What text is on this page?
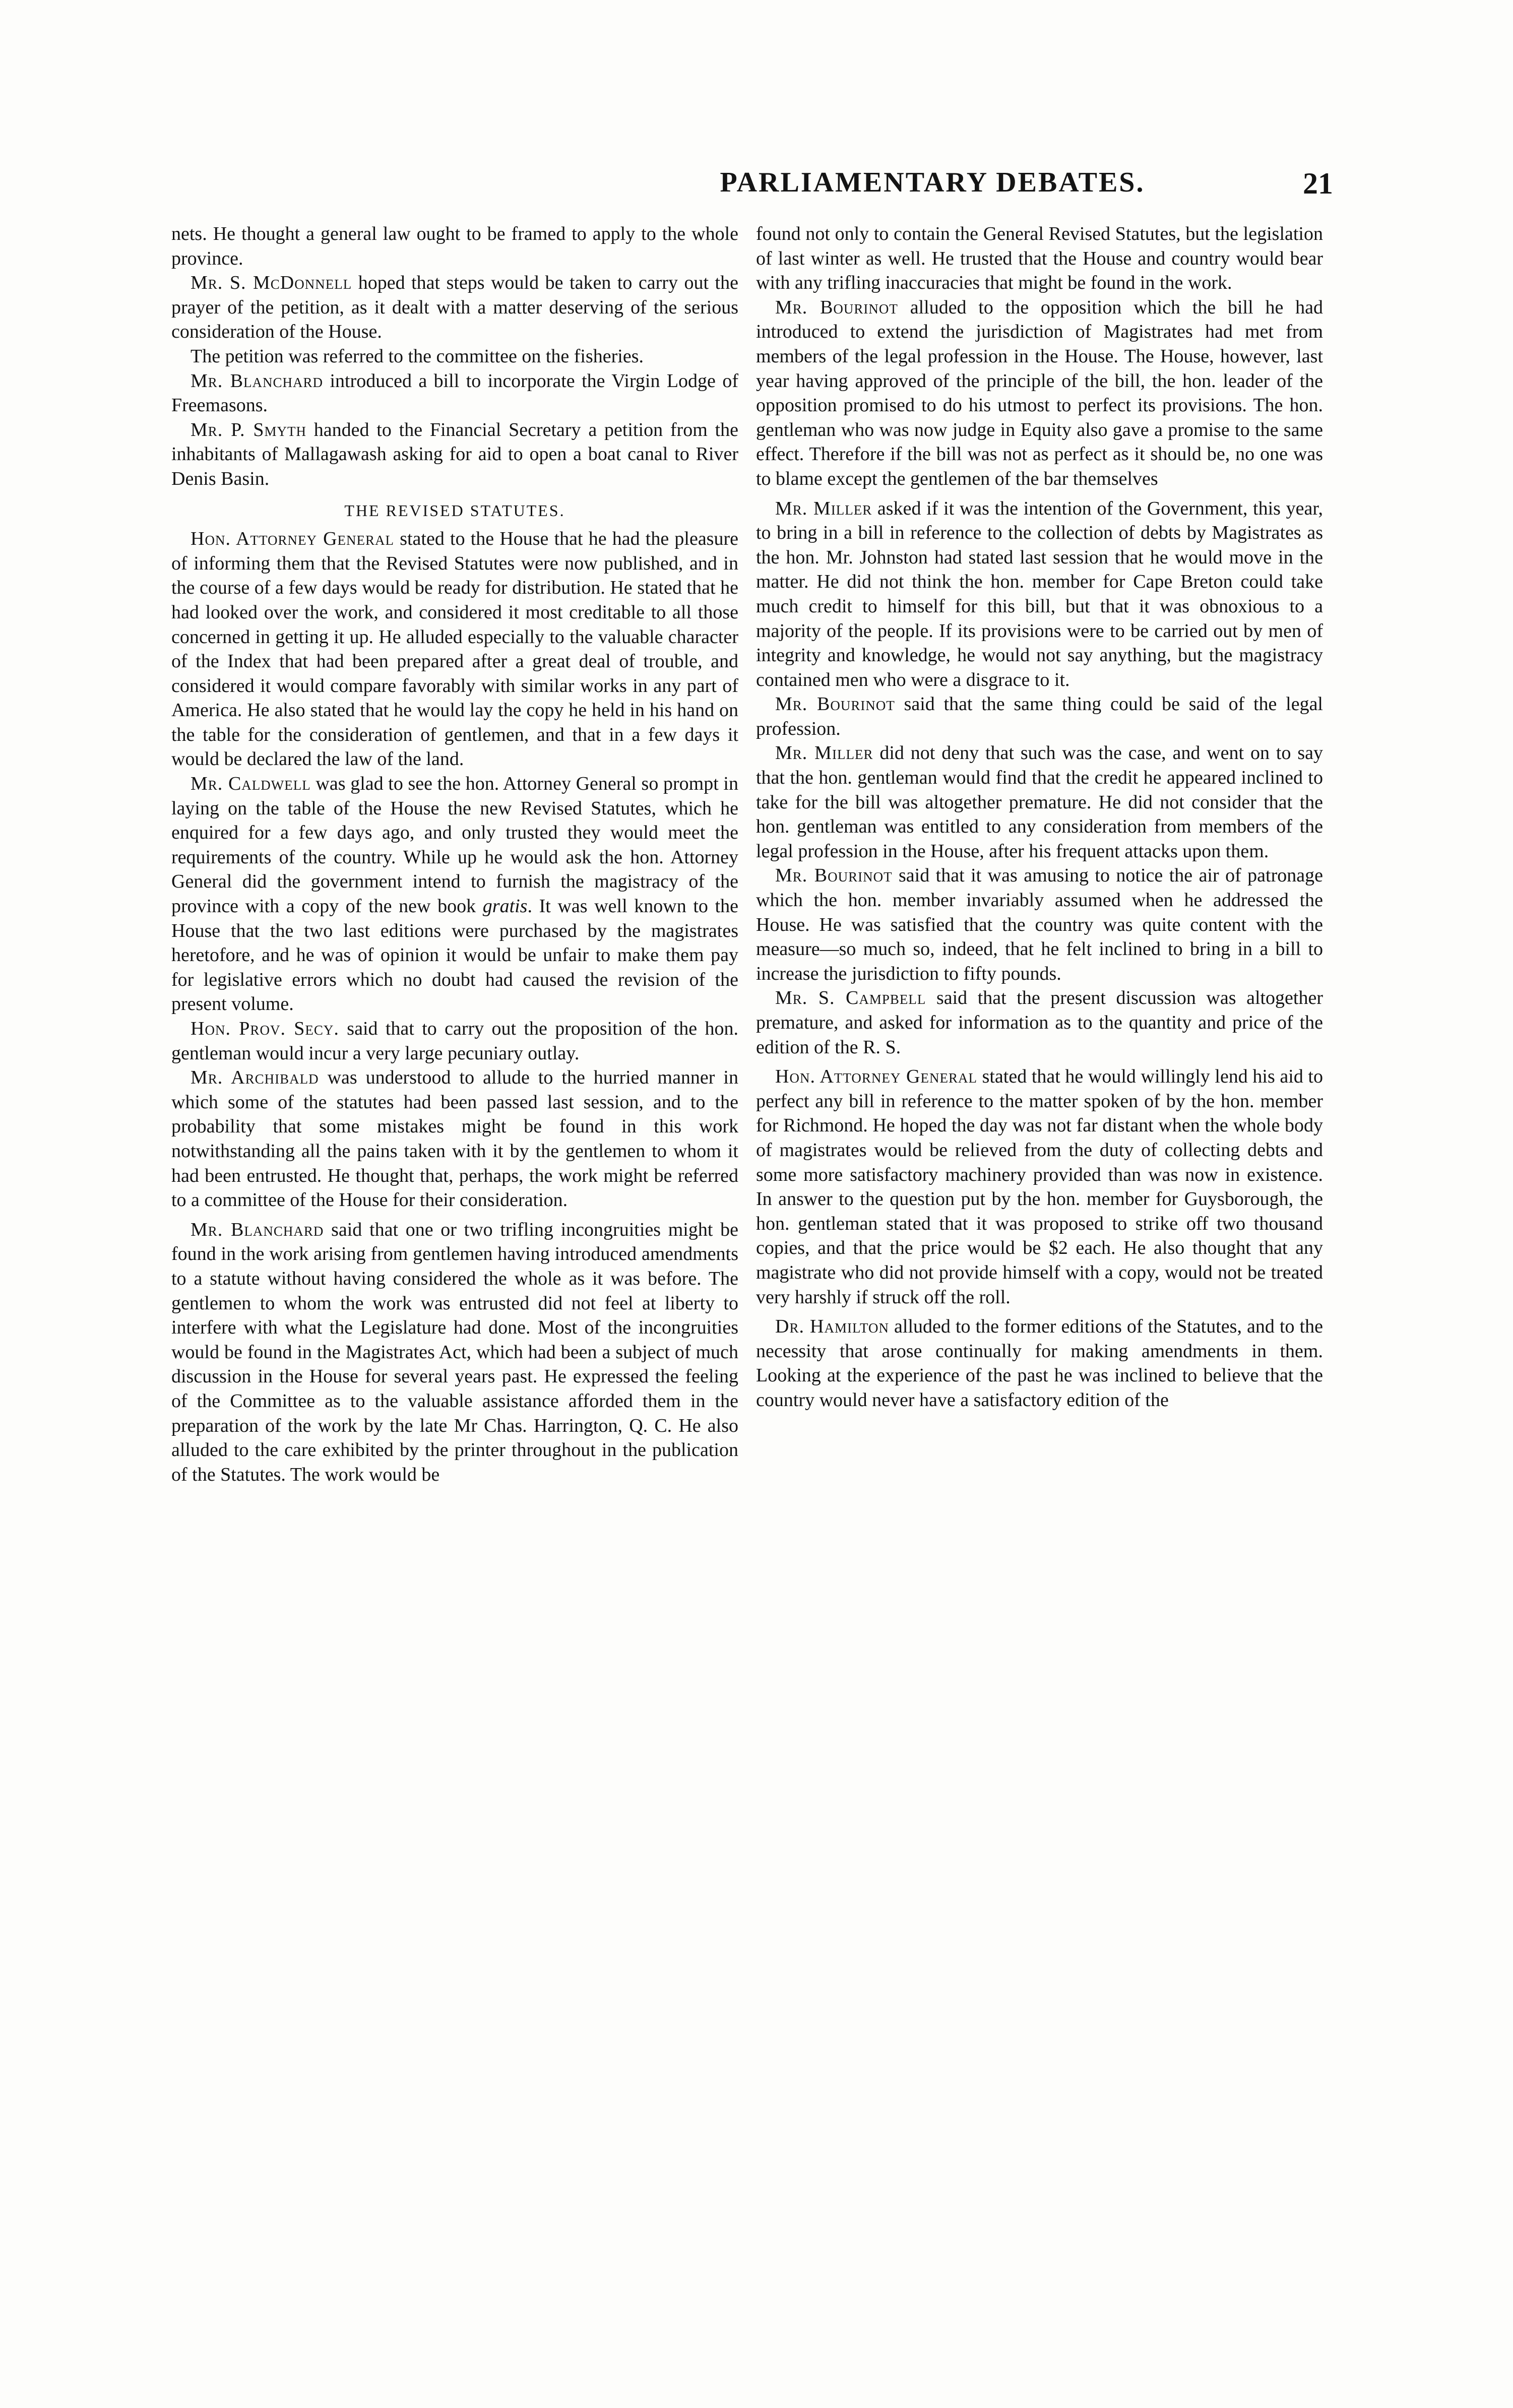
PARLIAMENTARY DEBATES.	21

nets. He thought a general law ought to be framed to apply to the whole province.

Mr. S. McDonnell hoped that steps would be taken to carry out the prayer of the petition, as it dealt with a matter deserving of the serious consideration of the House.

The petition was referred to the committee on the fisheries.

Mr. Blanchard introduced a bill to incorporate the Virgin Lodge of Freemasons.

Mr. P. Smyth handed to the Financial Secretary a petition from the inhabitants of Mallagawash asking for aid to open a boat canal to River Denis Basin.

THE REVISED STATUTES.

Hon. Attorney General stated to the House that he had the pleasure of informing them that the Revised Statutes were now published, and in the course of a few days would be ready for distribution. He stated that he had looked over the work, and considered it most creditable to all those concerned in getting it up. He alluded especially to the valuable character of the Index that had been prepared after a great deal of trouble, and considered it would compare favorably with similar works in any part of America. He also stated that he would lay the copy he held in his hand on the table for the consideration of gentlemen, and that in a few days it would be declared the law of the land.

Mr. Caldwell was glad to see the hon. Attorney General so prompt in laying on the table of the House the new Revised Statutes, which he enquired for a few days ago, and only trusted they would meet the requirements of the country. While up he would ask the hon. Attorney General did the government intend to furnish the magistracy of the province with a copy of the new book gratis. It was well known to the House that the two last editions were purchased by the magistrates heretofore, and he was of opinion it would be unfair to make them pay for legislative errors which no doubt had caused the revision of the present volume.

Hon. Prov. Secy. said that to carry out the proposition of the hon. gentleman would incur a very large pecuniary outlay.

Mr. Archibald was understood to allude to the hurried manner in which some of the statutes had been passed last session, and to the probability that some mistakes might be found in this work notwithstanding all the pains taken with it by the gentlemen to whom it had been entrusted. He thought that, perhaps, the work might be referred to a committee of the House for their consideration.

Mr. Blanchard said that one or two trifling incongruities might be found in the work arising from gentlemen having introduced amendments to a statute without having considered the whole as it was before. The gentlemen to whom the work was entrusted did not feel at liberty to interfere with what the Legislature had done. Most of the incongruities would be found in the Magistrates Act, which had been a subject of much discussion in the House for several years past. He expressed the feeling of the Committee as to the valuable assistance afforded them in the preparation of the work by the late Mr Chas. Harrington, Q. C. He also alluded to the care exhibited by the printer throughout in the publication of the Statutes. The work would be

found not only to contain the General Revised Statutes, but the legislation of last winter as well. He trusted that the House and country would bear with any trifling inaccuracies that might be found in the work.

Mr. Bourinot alluded to the opposition which the bill he had introduced to extend the jurisdiction of Magistrates had met from members of the legal profession in the House. The House, however, last year having approved of the principle of the bill, the hon. leader of the opposition promised to do his utmost to perfect its provisions. The hon. gentleman who was now judge in Equity also gave a promise to the same effect. Therefore if the bill was not as perfect as it should be, no one was to blame except the gentlemen of the bar themselves

Mr. Miller asked if it was the intention of the Government, this year, to bring in a bill in reference to the collection of debts by Magistrates as the hon. Mr. Johnston had stated last session that he would move in the matter. He did not think the hon. member for Cape Breton could take much credit to himself for this bill, but that it was obnoxious to a majority of the people. If its provisions were to be carried out by men of integrity and knowledge, he would not say anything, but the magistracy contained men who were a disgrace to it.

Mr. Bourinot said that the same thing could be said of the legal profession.

Mr. Miller did not deny that such was the case, and went on to say that the hon. gentleman would find that the credit he appeared inclined to take for the bill was altogether premature. He did not consider that the hon. gentleman was entitled to any consideration from members of the legal profession in the House, after his frequent attacks upon them.

Mr. Bourinot said that it was amusing to notice the air of patronage which the hon. member invariably assumed when he addressed the House. He was satisfied that the country was quite content with the measure—so much so, indeed, that he felt inclined to bring in a bill to increase the jurisdiction to fifty pounds.

Mr. S. Campbell said that the present discussion was altogether premature, and asked for information as to the quantity and price of the edition of the R. S.

Hon. Attorney General stated that he would willingly lend his aid to perfect any bill in reference to the matter spoken of by the hon. member for Richmond. He hoped the day was not far distant when the whole body of magistrates would be relieved from the duty of collecting debts and some more satisfactory machinery provided than was now in existence. In answer to the question put by the hon. member for Guysborough, the hon. gentleman stated that it was proposed to strike off two thousand copies, and that the price would be $2 each. He also thought that any magistrate who did not provide himself with a copy, would not be treated very harshly if struck off the roll.

Dr. Hamilton alluded to the former editions of the Statutes, and to the necessity that arose continually for making amendments in them. Looking at the experience of the past he was inclined to believe that the country would never have a satisfactory edition of the
